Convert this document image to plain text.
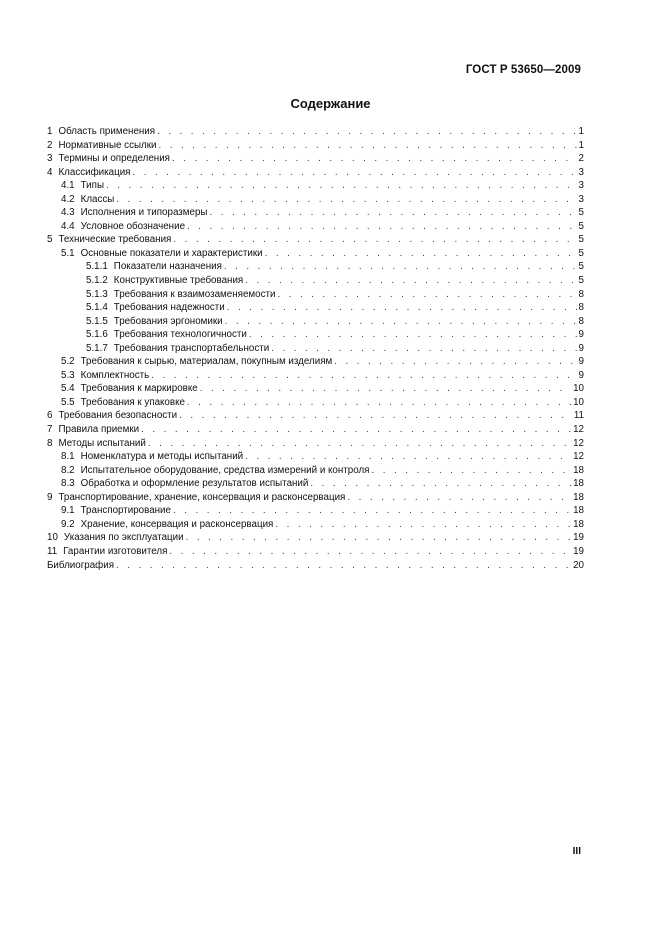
ГОСТ Р 53650—2009
Содержание
1 Область применения . . .	1
2 Нормативные ссылки . . .	1
3 Термины и определения . . .	2
4 Классификация . . .	3
4.1 Типы . . .	3
4.2 Классы . . .	3
4.3 Исполнения и типоразмеры . . .	5
4.4 Условное обозначение . . .	5
5 Технические требования . . .	5
5.1 Основные показатели и характеристики . . .	5
5.1.1 Показатели назначения . . .	5
5.1.2 Конструктивные требования . . .	5
5.1.3 Требования к взаимозаменяемости . . .	8
5.1.4 Требования надежности . . .	8
5.1.5 Требования эргономики . . .	8
5.1.6 Требования технологичности . . .	9
5.1.7 Требования транспортабельности . . .	9
5.2 Требования к сырью, материалам, покупным изделиям . . .	9
5.3 Комплектность . . .	9
5.4 Требования к маркировке . . .	10
5.5 Требования к упаковке . . .	10
6 Требования безопасности . . .	11
7 Правила приемки . . .	12
8 Методы испытаний . . .	12
8.1 Номенклатура и методы испытаний . . .	12
8.2 Испытательное оборудование, средства измерений и контроля . . .	18
8.3 Обработка и оформление результатов испытаний . . .	18
9 Транспортирование, хранение, консервация и расконсервация . . .	18
9.1 Транспортирование . . .	18
9.2 Хранение, консервация и расконсервация . . .	18
10 Указания по эксплуатации . . .	19
11 Гарантии изготовителя . . .	19
Библиография . . .	20
III
